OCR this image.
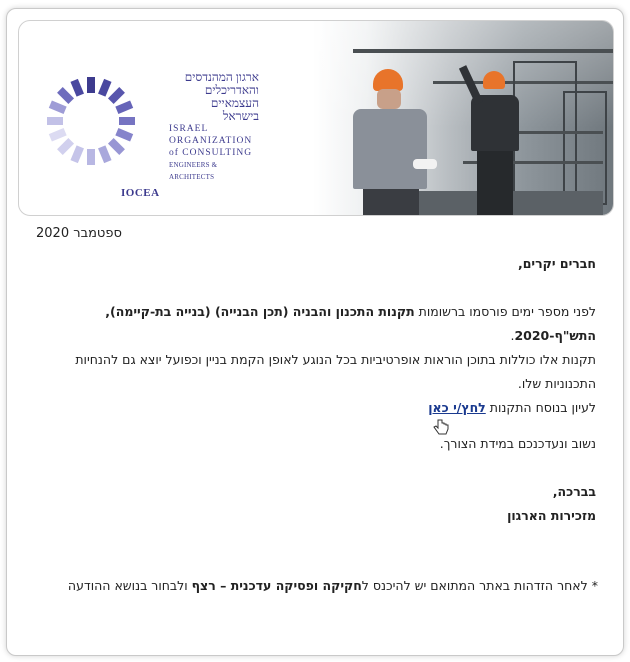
IOCEA
ארגון המהנדסים
והאדריכלים
העצמאיים
בישראל
ISRAEL
ORGANIZATION
of CONSULTING
ENGINEERS & ARCHITECTS
ספטמבר 2020

חברים יקרים,

לפני מספר ימים פורסמו ברשומות תקנות התכנון והבניה (תכן הבנייה) (בנייה בת-קיימה),

התש"ף-2020.

תקנות אלו כוללות בתוכן הוראות אופרטיביות בכל הנוגע לאופן הקמת בניין וכפועל יוצא גם להנחיות התכנוניות שלו.

לעיון בנוסח התקנות לחץ/י כאן

נשוב ונעדכנכם במידת הצורך.

בברכה,

מזכירות הארגון

* לאחר הזדהות באתר המתואם יש להיכנס לחקיקה ופסיקה עדכנית – רצף ולבחור בנושא ההודעה
